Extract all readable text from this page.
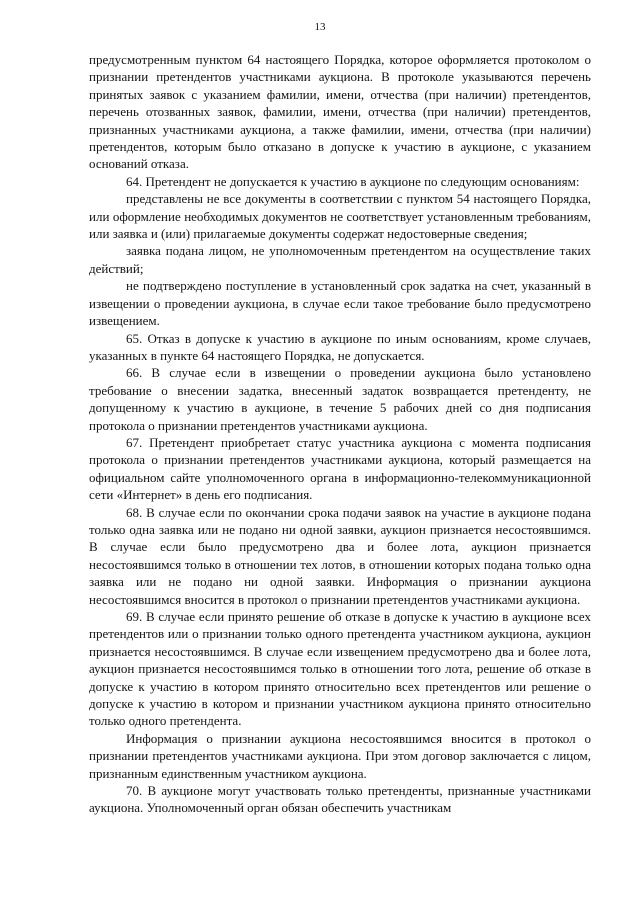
13

предусмотренным пунктом 64 настоящего Порядка, которое оформляется протоколом о признании претендентов участниками аукциона. В протоколе указываются перечень принятых заявок с указанием фамилии, имени, отчества (при наличии) претендентов, перечень отозванных заявок, фамилии, имени, отчества (при наличии) претендентов, признанных участниками аукциона, а также фамилии, имени, отчества (при наличии) претендентов, которым было отказано в допуске к участию в аукционе, с указанием оснований отказа.

64. Претендент не допускается к участию в аукционе по следующим основаниям:

представлены не все документы в соответствии с пунктом 54 настоящего Порядка, или оформление необходимых документов не соответствует установленным требованиям, или заявка и (или) прилагаемые документы содержат недостоверные сведения;

заявка подана лицом, не уполномоченным претендентом на осуществление таких действий;

не подтверждено поступление в установленный срок задатка на счет, указанный в извещении о проведении аукциона, в случае если такое требование было предусмотрено извещением.

65. Отказ в допуске к участию в аукционе по иным основаниям, кроме случаев, указанных в пункте 64 настоящего Порядка, не допускается.

66. В случае если в извещении о проведении аукциона было установлено требование о внесении задатка, внесенный задаток возвращается претенденту, не допущенному к участию в аукционе, в течение 5 рабочих дней со дня подписания протокола о признании претендентов участниками аукциона.

67. Претендент приобретает статус участника аукциона с момента подписания протокола о признании претендентов участниками аукциона, который размещается на официальном сайте уполномоченного органа в информационно-телекоммуникационной сети «Интернет» в день его подписания.

68. В случае если по окончании срока подачи заявок на участие в аукционе подана только одна заявка или не подано ни одной заявки, аукцион признается несостоявшимся. В случае если было предусмотрено два и более лота, аукцион признается несостоявшимся только в отношении тех лотов, в отношении которых подана только одна заявка или не подано ни одной заявки. Информация о признании аукциона несостоявшимся вносится в протокол о признании претендентов участниками аукциона.

69. В случае если принято решение об отказе в допуске к участию в аукционе всех претендентов или о признании только одного претендента участником аукциона, аукцион признается несостоявшимся. В случае если извещением предусмотрено два и более лота, аукцион признается несостоявшимся только в отношении того лота, решение об отказе в допуске к участию в котором принято относительно всех претендентов или решение о допуске к участию в котором и признании участником аукциона принято относительно только одного претендента.

Информация о признании аукциона несостоявшимся вносится в протокол о признании претендентов участниками аукциона. При этом договор заключается с лицом, признанным единственным участником аукциона.

70. В аукционе могут участвовать только претенденты, признанные участниками аукциона. Уполномоченный орган обязан обеспечить участникам
